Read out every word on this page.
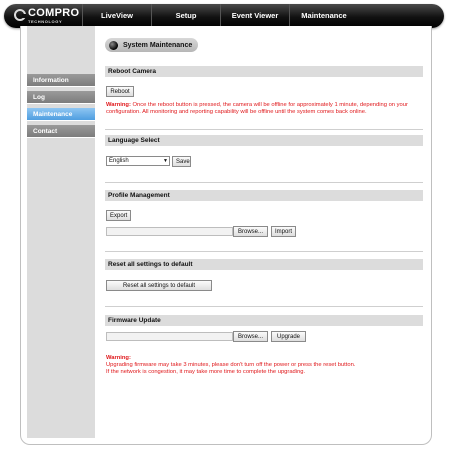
COMPRO
TECHNOLOGY
LiveView	Setup	Event Viewer	Maintenance
Information
Log
Maintenance
Contact
System Maintenance
Reboot Camera
Reboot
Warning: Once the reboot button is pressed, the camera will be offline for approximately 1 minute, depending on your configuration. All monitoring and reporting capability will be offline until the system comes back online.
Language Select
English	▼	Save
Profile Management
Export
Browse...	Import
Reset all settings to default
Reset all settings to default
Firmware Update
Browse...	Upgrade
Warning:
Upgrading firmware may take 3 minutes, please don't turn off the power or press the reset button.
If the network is congestion, it may take more time to complete the upgrading.
